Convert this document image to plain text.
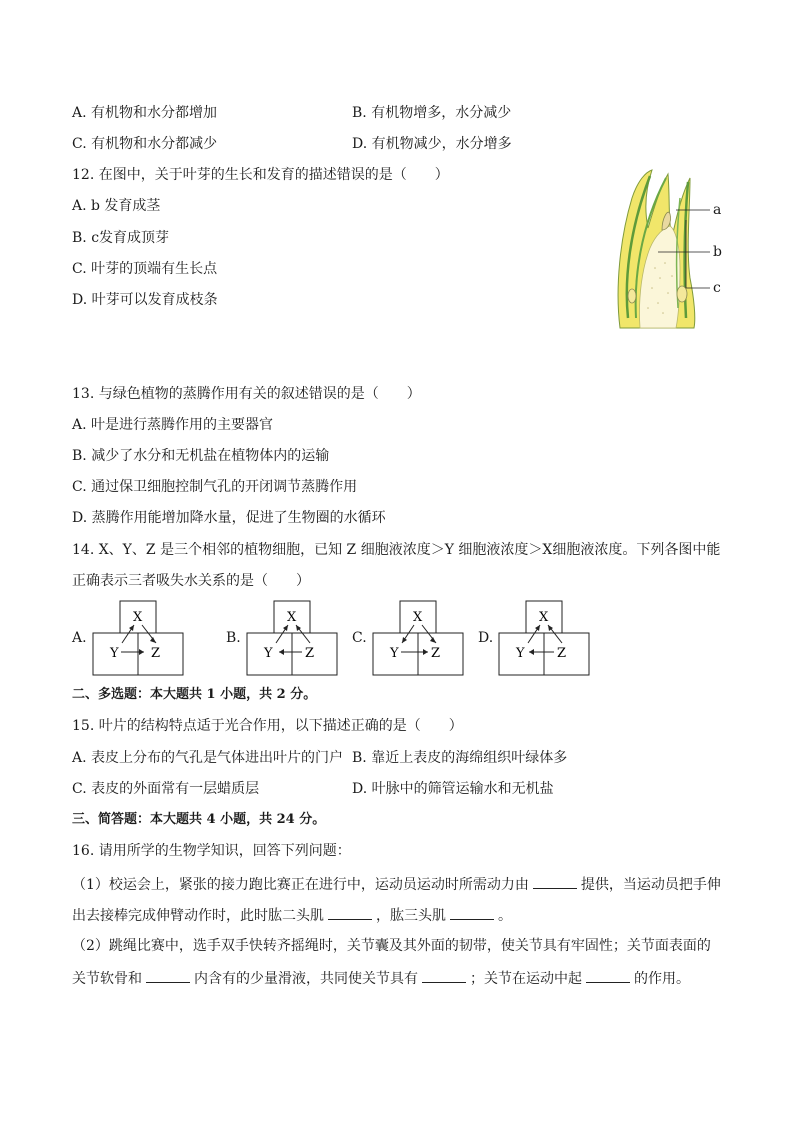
A. 有机物和水分都增加	B. 有机物增多，水分减少
C. 有机物和水分都减少	D. 有机物减少，水分增多
12. 在图中，关于叶芽的生长和发育的描述错误的是（　　）
A. b 发育成茎
B. c发育成顶芽
C. 叶芽的顶端有生长点
D. 叶芽可以发育成枝条
a
b
c
13. 与绿色植物的蒸腾作用有关的叙述错误的是（　　）
A. 叶是进行蒸腾作用的主要器官
B. 减少了水分和无机盐在植物体内的运输
C. 通过保卫细胞控制气孔的开闭调节蒸腾作用
D. 蒸腾作用能增加降水量，促进了生物圈的水循环
14. X、Y、Z 是三个相邻的植物细胞，已知 Z 细胞液浓度＞Y 细胞液浓度＞X细胞液浓度。下列各图中能
正确表示三者吸失水关系的是（　　）
A.
X
Y Z
B.
X
Y Z
C.
X
Y Z
D.
X
Y Z
二、多选题：本大题共 1 小题，共 2 分。
15. 叶片的结构特点适于光合作用，以下描述正确的是（　　）
A. 表皮上分布的气孔是气体进出叶片的门户 B. 靠近上表皮的海绵组织叶绿体多
C. 表皮的外面常有一层蜡质层	D. 叶脉中的筛管运输水和无机盐
三、简答题：本大题共 4 小题，共 24 分。
16. 请用所学的生物学知识，回答下列问题：
（1）校运会上，紧张的接力跑比赛正在进行中，运动员运动时所需动力由	提供，当运动员把手伸
出去接棒完成伸臂动作时，此时肱二头肌	，肱三头肌	。
（2）跳绳比赛中，选手双手快转齐摇绳时，关节囊及其外面的韧带，使关节具有牢固性；关节面表面的
关节软骨和	内含有的少量滑液，共同使关节具有	；关节在运动中起	的作用。
